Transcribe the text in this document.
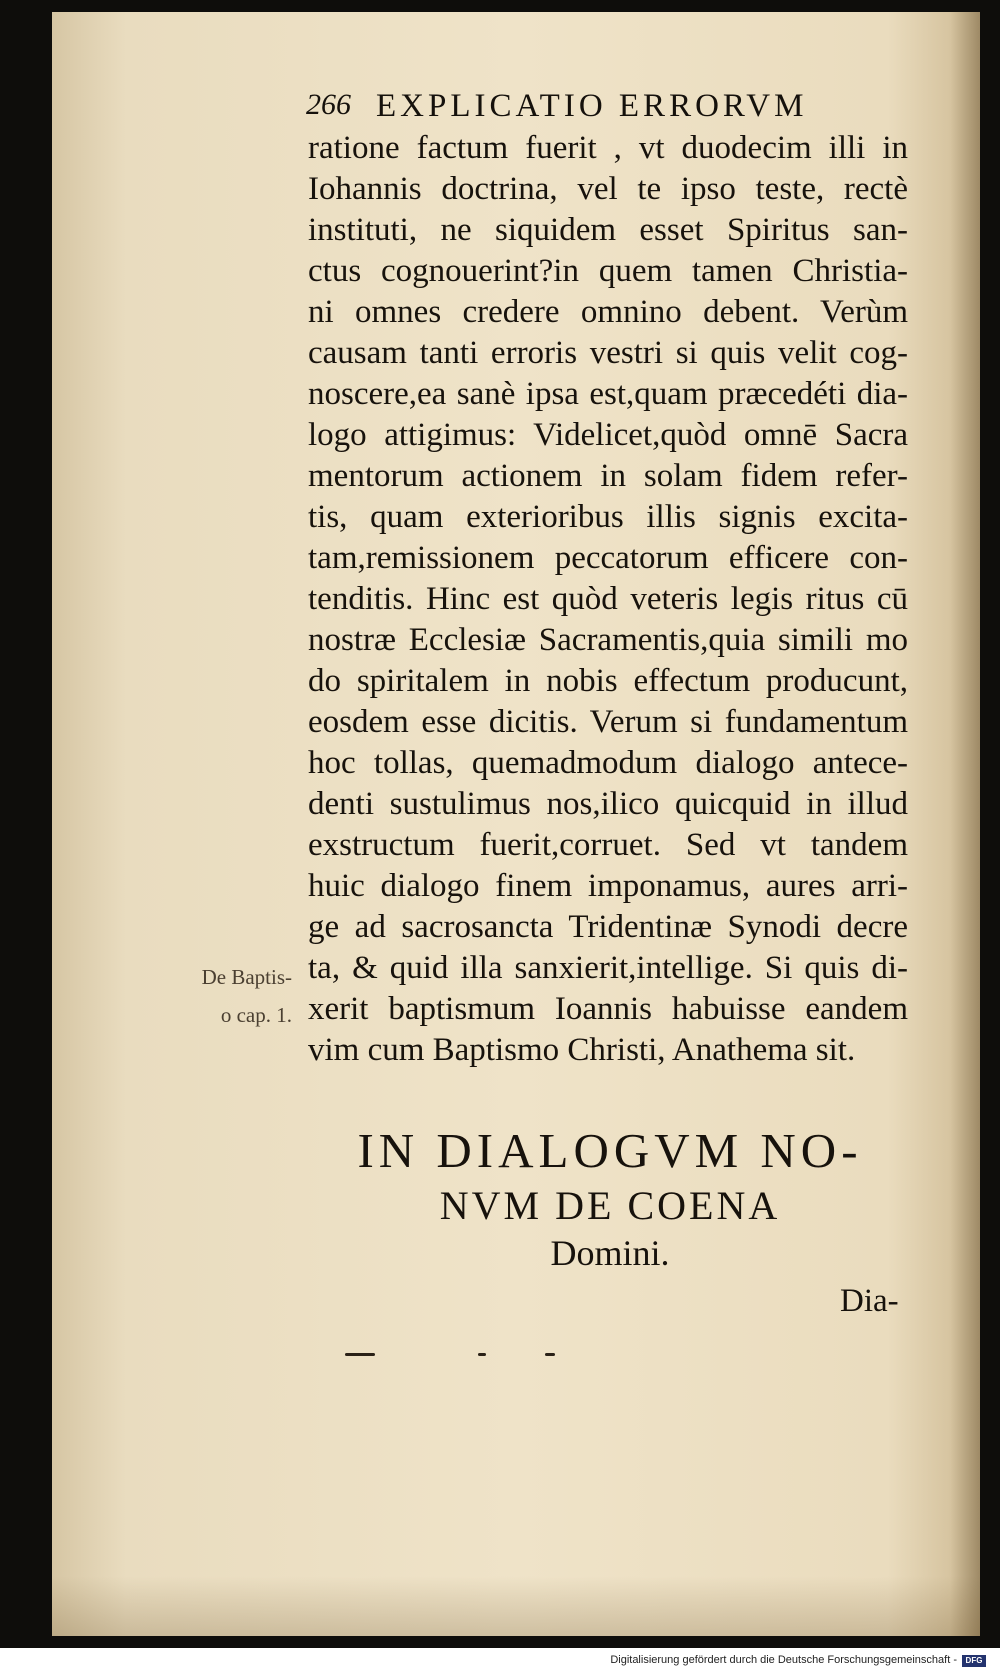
266 EXPLICATIO ERRORVM
ratione factum fuerit , vt duodecim illi in
Iohannis doctrina, vel te ipso teste, rectè
instituti, ne siquidem esset Spiritus san-
ctus cognouerint?in quem tamen Christia-
ni omnes credere omnino debent. Verùm
causam tanti erroris vestri si quis velit cog-
noscere,ea sanè ipsa est,quam præcedéti dia-
logo attigimus: Videlicet,quòd omnē Sacra
mentorum actionem in solam fidem refer-
tis, quam exterioribus illis signis excita-
tam,remissionem peccatorum efficere con-
tenditis. Hinc est quòd veteris legis ritus cū
nostræ Ecclesiæ Sacramentis,quia simili mo
do spiritalem in nobis effectum producunt,
eosdem esse dicitis. Verum si fundamentum
hoc tollas, quemadmodum dialogo antece-
denti sustulimus nos,ilico quicquid in illud
exstructum fuerit,corruet. Sed vt tandem
huic dialogo finem imponamus, aures arri-
ge ad sacrosancta Tridentinæ Synodi decre
ta, & quid illa sanxierit,intellige. Si quis di-
xerit baptismum Ioannis habuisse eandem
vim cum Baptismo Christi, Anathema sit.
De Baptis-
o cap. 1.
IN DIALOGVM NO-
NVM DE COENA
Domini.
Dia-
Digitalisierung gefördert durch die Deutsche Forschungsgemeinschaft -	DFG
